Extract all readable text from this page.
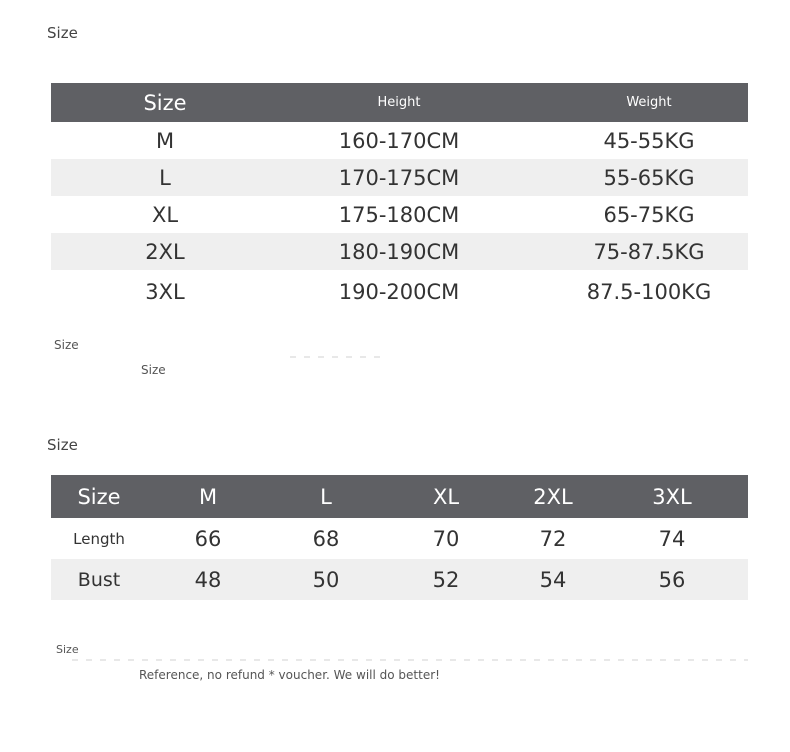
Size
Size	Height	Weight
M	160-170CM	45-55KG
L	170-175CM	55-65KG
XL	175-180CM	65-75KG
2XL	180-190CM	75-87.5KG
3XL	190-200CM	87.5-100KG
Size
Size
Size
Size	M	L	XL	2XL	3XL
Length	66	68	70	72	74
Bust	48	50	52	54	56
Size
Reference, no refund * voucher. We will do better!
